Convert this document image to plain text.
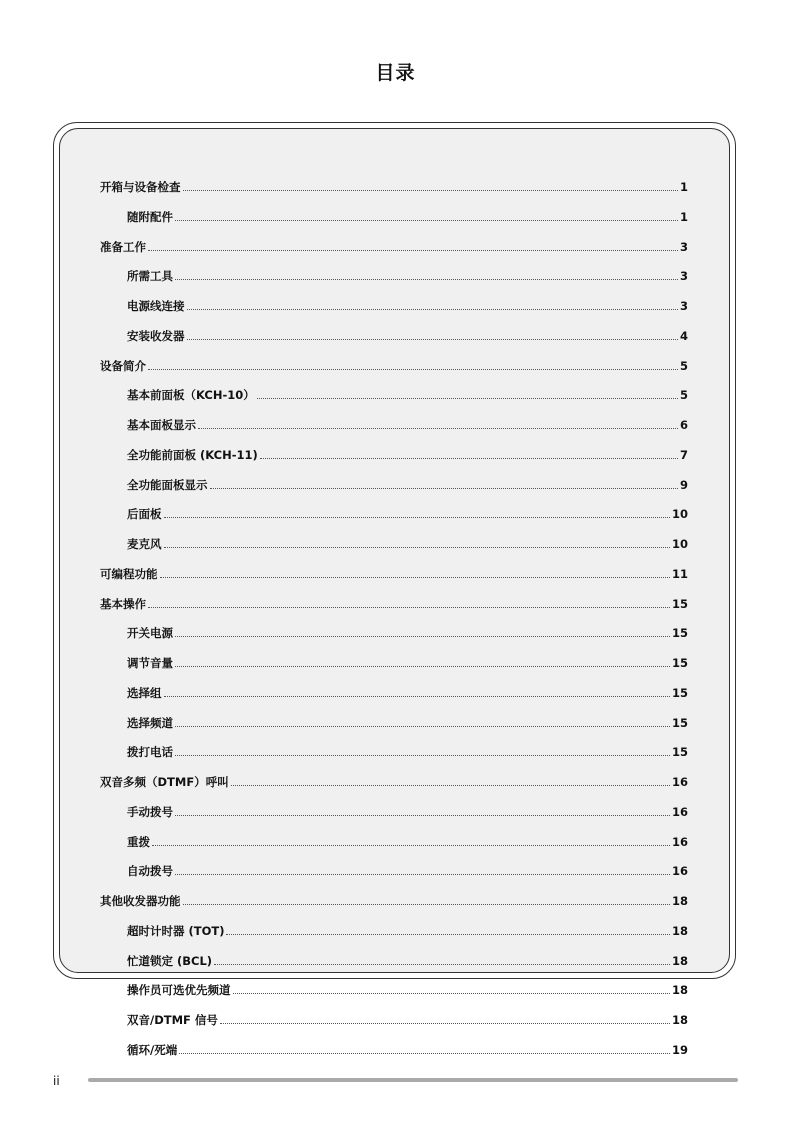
目录
开箱与设备检查	1
随附配件	1
准备工作	3
所需工具	3
电源线连接	3
安装收发器	4
设备简介	5
基本前面板（KCH-10）	5
基本面板显示	6
全功能前面板 (KCH-11)	7
全功能面板显示	9
后面板	10
麦克风	10
可编程功能	11
基本操作	15
开关电源	15
调节音量	15
选择组	15
选择频道	15
拨打电话	15
双音多频（DTMF）呼叫	16
手动拨号	16
重拨	16
自动拨号	16
其他收发器功能	18
超时计时器 (TOT)	18
忙道锁定 (BCL)	18
操作员可选优先频道	18
双音/DTMF 信号	18
循环/死端	19
ii
